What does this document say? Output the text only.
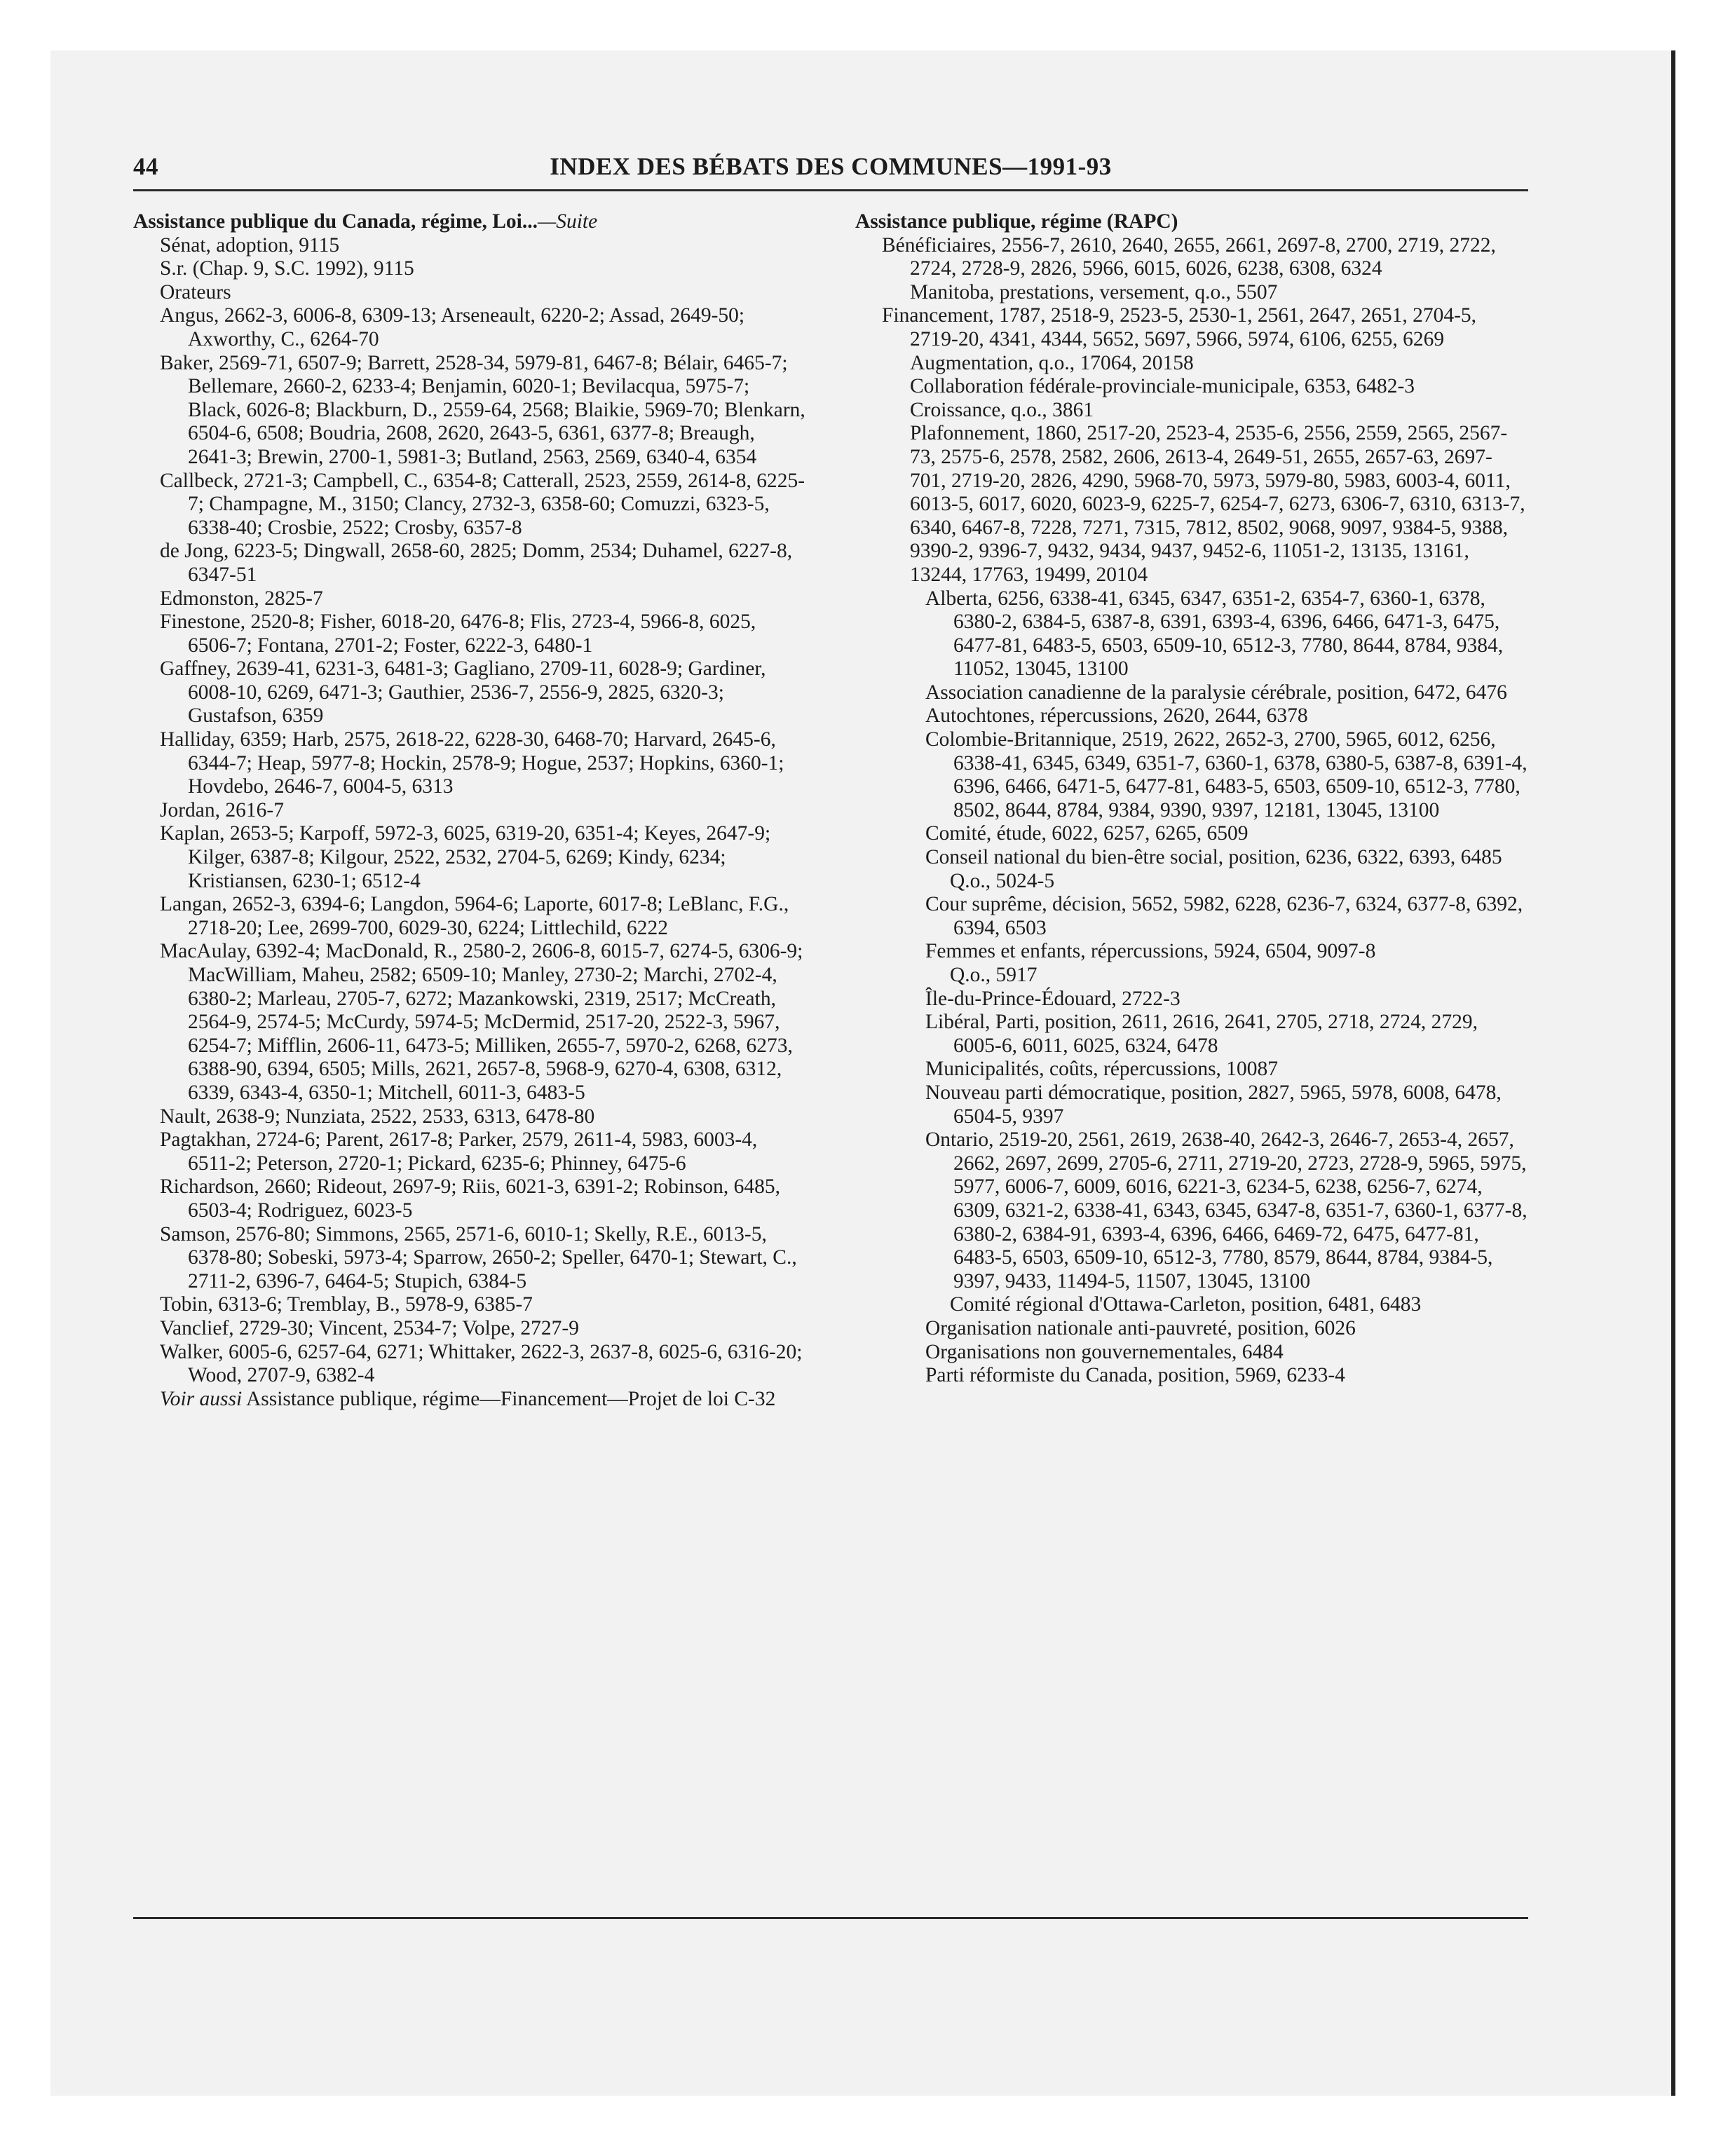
44	INDEX DES BÉBATS DES COMMUNES—1991-93

Assistance publique du Canada, régime, Loi...—Suite

Sénat, adoption, 9115

S.r. (Chap. 9, S.C. 1992), 9115

Orateurs

Angus, 2662-3, 6006-8, 6309-13; Arseneault, 6220-2; Assad, 2649-50; Axworthy, C., 6264-70

Baker, 2569-71, 6507-9; Barrett, 2528-34, 5979-81, 6467-8; Bélair, 6465-7; Bellemare, 2660-2, 6233-4; Benjamin, 6020-1; Bevilacqua, 5975-7; Black, 6026-8; Blackburn, D., 2559-64, 2568; Blaikie, 5969-70; Blenkarn, 6504-6, 6508; Boudria, 2608, 2620, 2643-5, 6361, 6377-8; Breaugh, 2641-3; Brewin, 2700-1, 5981-3; Butland, 2563, 2569, 6340-4, 6354

Callbeck, 2721-3; Campbell, C., 6354-8; Catterall, 2523, 2559, 2614-8, 6225-7; Champagne, M., 3150; Clancy, 2732-3, 6358-60; Comuzzi, 6323-5, 6338-40; Crosbie, 2522; Crosby, 6357-8

de Jong, 6223-5; Dingwall, 2658-60, 2825; Domm, 2534; Duhamel, 6227-8, 6347-51

Edmonston, 2825-7

Finestone, 2520-8; Fisher, 6018-20, 6476-8; Flis, 2723-4, 5966-8, 6025, 6506-7; Fontana, 2701-2; Foster, 6222-3, 6480-1

Gaffney, 2639-41, 6231-3, 6481-3; Gagliano, 2709-11, 6028-9; Gardiner, 6008-10, 6269, 6471-3; Gauthier, 2536-7, 2556-9, 2825, 6320-3; Gustafson, 6359

Halliday, 6359; Harb, 2575, 2618-22, 6228-30, 6468-70; Harvard, 2645-6, 6344-7; Heap, 5977-8; Hockin, 2578-9; Hogue, 2537; Hopkins, 6360-1; Hovdebo, 2646-7, 6004-5, 6313

Jordan, 2616-7

Kaplan, 2653-5; Karpoff, 5972-3, 6025, 6319-20, 6351-4; Keyes, 2647-9; Kilger, 6387-8; Kilgour, 2522, 2532, 2704-5, 6269; Kindy, 6234; Kristiansen, 6230-1; 6512-4

Langan, 2652-3, 6394-6; Langdon, 5964-6; Laporte, 6017-8; LeBlanc, F.G., 2718-20; Lee, 2699-700, 6029-30, 6224; Littlechild, 6222

MacAulay, 6392-4; MacDonald, R., 2580-2, 2606-8, 6015-7, 6274-5, 6306-9; MacWilliam, Maheu, 2582; 6509-10; Manley, 2730-2; Marchi, 2702-4, 6380-2; Marleau, 2705-7, 6272; Mazankowski, 2319, 2517; McCreath, 2564-9, 2574-5; McCurdy, 5974-5; McDermid, 2517-20, 2522-3, 5967, 6254-7; Mifflin, 2606-11, 6473-5; Milliken, 2655-7, 5970-2, 6268, 6273, 6388-90, 6394, 6505; Mills, 2621, 2657-8, 5968-9, 6270-4, 6308, 6312, 6339, 6343-4, 6350-1; Mitchell, 6011-3, 6483-5

Nault, 2638-9; Nunziata, 2522, 2533, 6313, 6478-80

Pagtakhan, 2724-6; Parent, 2617-8; Parker, 2579, 2611-4, 5983, 6003-4, 6511-2; Peterson, 2720-1; Pickard, 6235-6; Phinney, 6475-6

Richardson, 2660; Rideout, 2697-9; Riis, 6021-3, 6391-2; Robinson, 6485, 6503-4; Rodriguez, 6023-5

Samson, 2576-80; Simmons, 2565, 2571-6, 6010-1; Skelly, R.E., 6013-5, 6378-80; Sobeski, 5973-4; Sparrow, 2650-2; Speller, 6470-1; Stewart, C., 2711-2, 6396-7, 6464-5; Stupich, 6384-5

Tobin, 6313-6; Tremblay, B., 5978-9, 6385-7

Vanclief, 2729-30; Vincent, 2534-7; Volpe, 2727-9

Walker, 6005-6, 6257-64, 6271; Whittaker, 2622-3, 2637-8, 6025-6, 6316-20; Wood, 2707-9, 6382-4

Voir aussi Assistance publique, régime—Financement—Projet de loi C-32

Assistance publique, régime (RAPC)

Bénéficiaires, 2556-7, 2610, 2640, 2655, 2661, 2697-8, 2700, 2719, 2722, 2724, 2728-9, 2826, 5966, 6015, 6026, 6238, 6308, 6324

Manitoba, prestations, versement, q.o., 5507

Financement, 1787, 2518-9, 2523-5, 2530-1, 2561, 2647, 2651, 2704-5, 2719-20, 4341, 4344, 5652, 5697, 5966, 5974, 6106, 6255, 6269

Augmentation, q.o., 17064, 20158

Collaboration fédérale-provinciale-municipale, 6353, 6482-3

Croissance, q.o., 3861

Plafonnement, 1860, 2517-20, 2523-4, 2535-6, 2556, 2559, 2565, 2567-73, 2575-6, 2578, 2582, 2606, 2613-4, 2649-51, 2655, 2657-63, 2697-701, 2719-20, 2826, 4290, 5968-70, 5973, 5979-80, 5983, 6003-4, 6011, 6013-5, 6017, 6020, 6023-9, 6225-7, 6254-7, 6273, 6306-7, 6310, 6313-7, 6340, 6467-8, 7228, 7271, 7315, 7812, 8502, 9068, 9097, 9384-5, 9388, 9390-2, 9396-7, 9432, 9434, 9437, 9452-6, 11051-2, 13135, 13161, 13244, 17763, 19499, 20104

Alberta, 6256, 6338-41, 6345, 6347, 6351-2, 6354-7, 6360-1, 6378, 6380-2, 6384-5, 6387-8, 6391, 6393-4, 6396, 6466, 6471-3, 6475, 6477-81, 6483-5, 6503, 6509-10, 6512-3, 7780, 8644, 8784, 9384, 11052, 13045, 13100

Association canadienne de la paralysie cérébrale, position, 6472, 6476

Autochtones, répercussions, 2620, 2644, 6378

Colombie-Britannique, 2519, 2622, 2652-3, 2700, 5965, 6012, 6256, 6338-41, 6345, 6349, 6351-7, 6360-1, 6378, 6380-5, 6387-8, 6391-4, 6396, 6466, 6471-5, 6477-81, 6483-5, 6503, 6509-10, 6512-3, 7780, 8502, 8644, 8784, 9384, 9390, 9397, 12181, 13045, 13100

Comité, étude, 6022, 6257, 6265, 6509

Conseil national du bien-être social, position, 6236, 6322, 6393, 6485

Q.o., 5024-5

Cour suprême, décision, 5652, 5982, 6228, 6236-7, 6324, 6377-8, 6392, 6394, 6503

Femmes et enfants, répercussions, 5924, 6504, 9097-8

Q.o., 5917

Île-du-Prince-Édouard, 2722-3

Libéral, Parti, position, 2611, 2616, 2641, 2705, 2718, 2724, 2729, 6005-6, 6011, 6025, 6324, 6478

Municipalités, coûts, répercussions, 10087

Nouveau parti démocratique, position, 2827, 5965, 5978, 6008, 6478, 6504-5, 9397

Ontario, 2519-20, 2561, 2619, 2638-40, 2642-3, 2646-7, 2653-4, 2657, 2662, 2697, 2699, 2705-6, 2711, 2719-20, 2723, 2728-9, 5965, 5975, 5977, 6006-7, 6009, 6016, 6221-3, 6234-5, 6238, 6256-7, 6274, 6309, 6321-2, 6338-41, 6343, 6345, 6347-8, 6351-7, 6360-1, 6377-8, 6380-2, 6384-91, 6393-4, 6396, 6466, 6469-72, 6475, 6477-81, 6483-5, 6503, 6509-10, 6512-3, 7780, 8579, 8644, 8784, 9384-5, 9397, 9433, 11494-5, 11507, 13045, 13100

Comité régional d'Ottawa-Carleton, position, 6481, 6483

Organisation nationale anti-pauvreté, position, 6026

Organisations non gouvernementales, 6484

Parti réformiste du Canada, position, 5969, 6233-4
